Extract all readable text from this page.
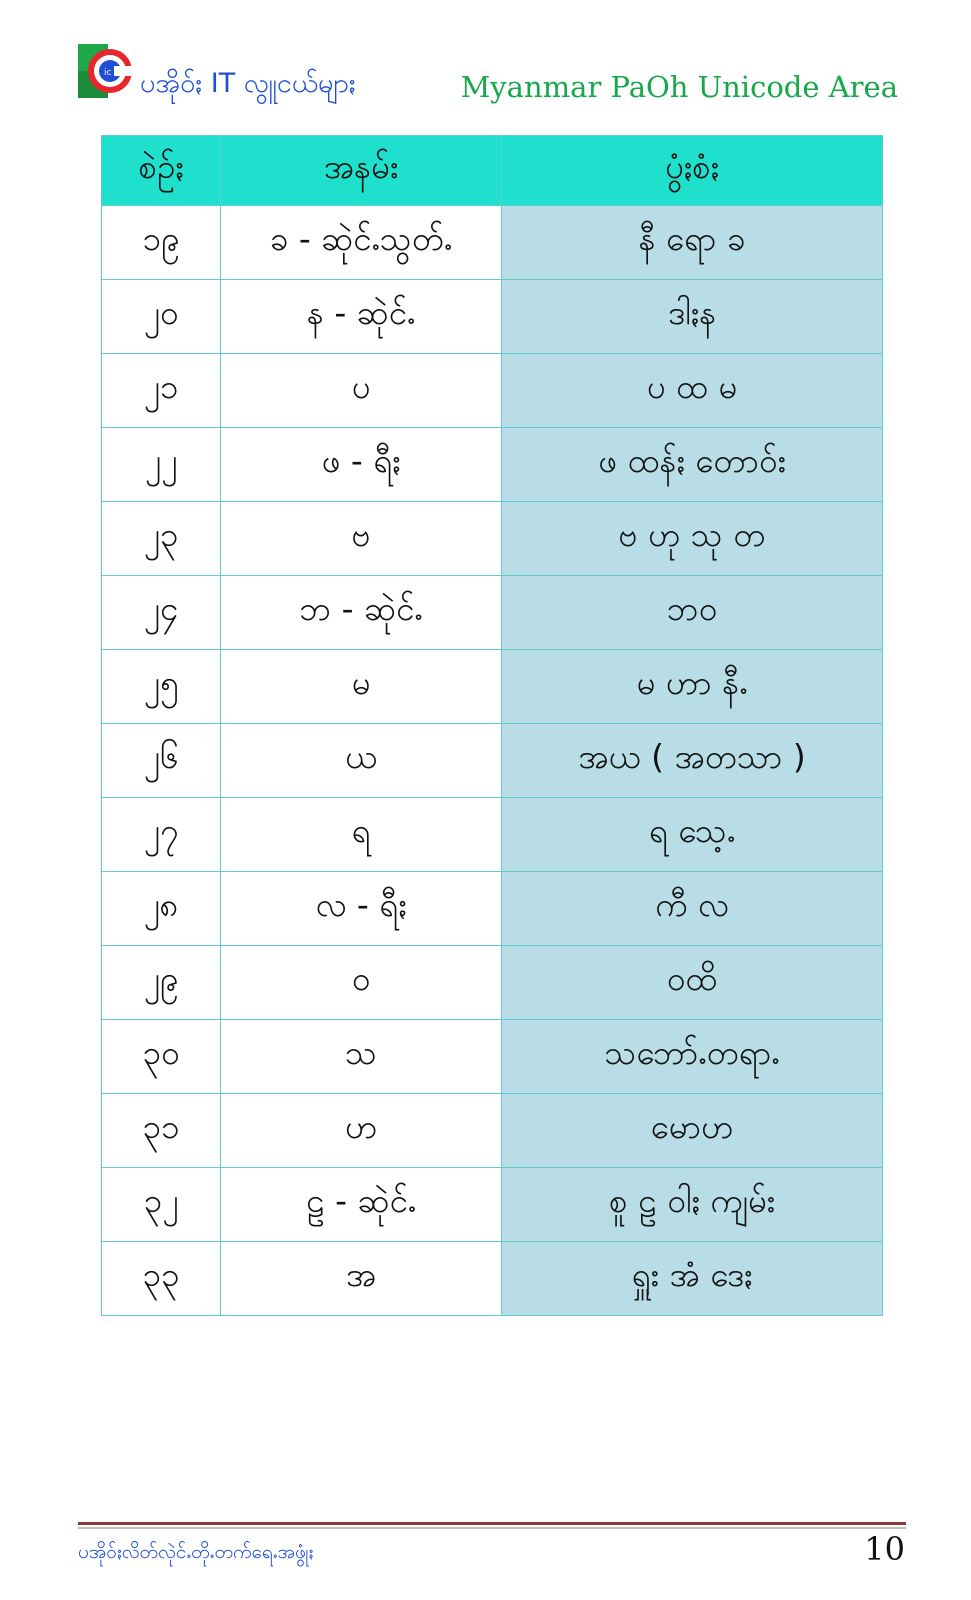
ic ပအိုဝ်ႏ IT လွူငယ်မျာႏ	Myanmar PaOh Unicode Area
စဲဥ်ႏ	အနမ်း	ပွံႏစံႏ
၁၉	ခ - ဆုဲင်ႉသွတ်ႉ	နီ ရော ခ
၂၀	န - ဆုဲင်ႉ	ဒါႏန
၂၁	ပ	ပ ထ မ
၂၂	ဖ - ရီႏ	ဖ ထန်ႏ တောဝ်း
၂၃	ဗ	ဗ ဟု သု တ
၂၄	ဘ - ဆုဲင်ႉ	ဘ၀
၂၅	မ	မ ဟာ နီႉ
၂၆	ယ	အယ ( အတသာ )
၂၇	ရ	ရ သေ့ႉ
၂၈	လ - ရီႏ	ကီ လ
၂၉	ဝ	ဝထိ
၃၀	သ	သဘော်ႉတရာႉ
၃၁	ဟ	မောဟ
၃၂	ဠ - ဆုဲင်ႉ	စူ ဠ ဝါႏ ကျမ်း
၃၃	အ	ရှူး အံ ဒေႏ
ပအိုဝ်ႏလိတ်လုဲင်ႉတိုႉတက်ရေႉအဖွုံႏ	10
